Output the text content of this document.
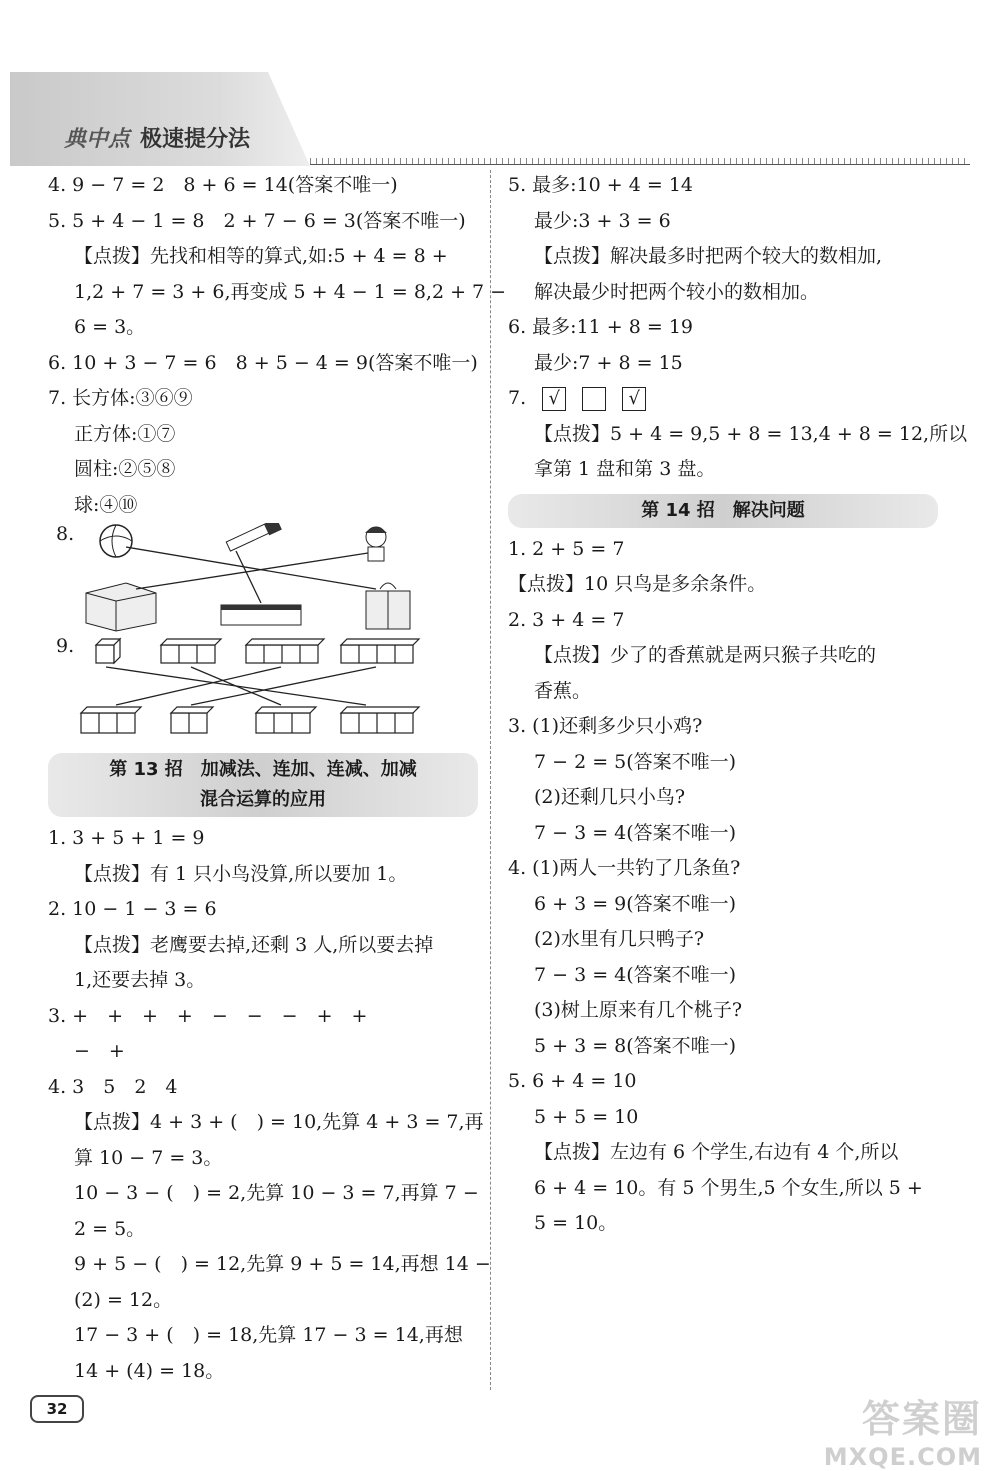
典中点 极速提分法
4. 9 − 7 = 2　8 + 6 = 14(答案不唯一)
5. 5 + 4 − 1 = 8　2 + 7 − 6 = 3(答案不唯一)
【点拨】先找和相等的算式,如:5 + 4 = 8 +
1,2 + 7 = 3 + 6,再变成 5 + 4 − 1 = 8,2 + 7 −
6 = 3。
6. 10 + 3 − 7 = 6　8 + 5 − 4 = 9(答案不唯一)
7. 长方体:③⑥⑨
正方体:①⑦
圆柱:②⑤⑧
球:④⑩
8.
9.
第 13 招　加减法、连加、连减、加减
混合运算的应用
1. 3 + 5 + 1 = 9
【点拨】有 1 只小鸟没算,所以要加 1。
2. 10 − 1 − 3 = 6
【点拨】老鹰要去掉,还剩 3 人,所以要去掉
1,还要去掉 3。
3. +　+　+　+　−　−　−　+　+
−　+
4. 3　5　2　4
【点拨】4 + 3 + (　) = 10,先算 4 + 3 = 7,再
算 10 − 7 = 3。
10 − 3 − (　) = 2,先算 10 − 3 = 7,再算 7 −
2 = 5。
9 + 5 − (　) = 12,先算 9 + 5 = 14,再想 14 −
(2) = 12。
17 − 3 + (　) = 18,先算 17 − 3 = 14,再想
14 + (4) = 18。
5. 最多:10 + 4 = 14
最少:3 + 3 = 6
【点拨】解决最多时把两个较大的数相加,
解决最少时把两个较小的数相加。
6. 最多:11 + 8 = 19
最少:7 + 8 = 15
7. √	√
【点拨】5 + 4 = 9,5 + 8 = 13,4 + 8 = 12,所以
拿第 1 盘和第 3 盘。
第 14 招　解决问题
1. 2 + 5 = 7
【点拨】10 只鸟是多余条件。
2. 3 + 4 = 7
【点拨】少了的香蕉就是两只猴子共吃的
香蕉。
3. (1)还剩多少只小鸡?
7 − 2 = 5(答案不唯一)
(2)还剩几只小鸟?
7 − 3 = 4(答案不唯一)
4. (1)两人一共钓了几条鱼?
6 + 3 = 9(答案不唯一)
(2)水里有几只鸭子?
7 − 3 = 4(答案不唯一)
(3)树上原来有几个桃子?
5 + 3 = 8(答案不唯一)
5. 6 + 4 = 10
5 + 5 = 10
【点拨】左边有 6 个学生,右边有 4 个,所以
6 + 4 = 10。有 5 个男生,5 个女生,所以 5 +
5 = 10。
32	答案圈
MXQE.COM
